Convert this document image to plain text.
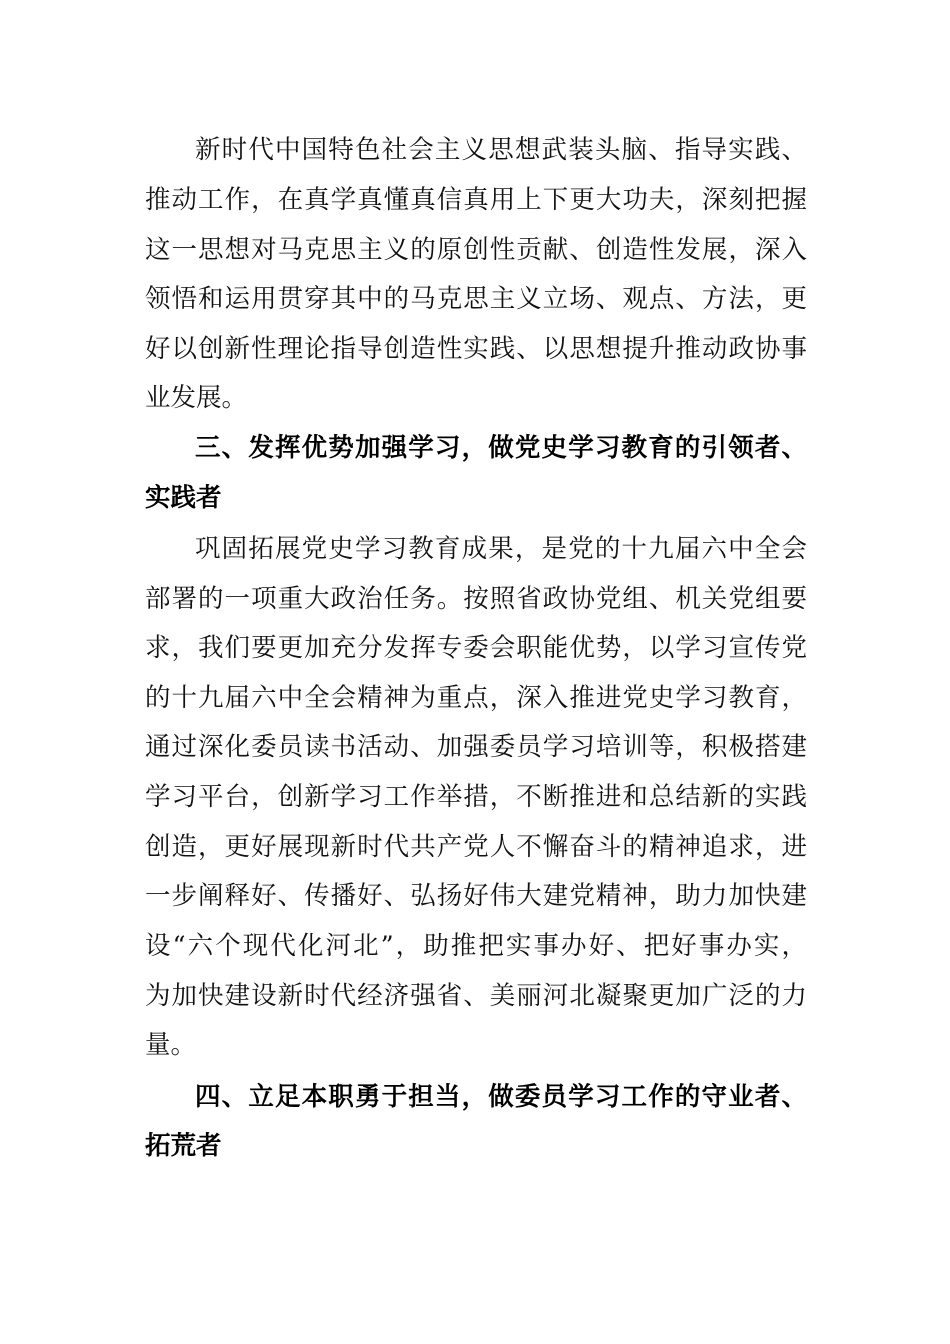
新时代中国特色社会主义思想武装头脑、指导实践、
推动工作，在真学真懂真信真用上下更大功夫，深刻把握
这一思想对马克思主义的原创性贡献、创造性发展，深入
领悟和运用贯穿其中的马克思主义立场、观点、方法，更
好以创新性理论指导创造性实践、以思想提升推动政协事
业发展。
三、发挥优势加强学习，做党史学习教育的引领者、
实践者
巩固拓展党史学习教育成果，是党的十九届六中全会
部署的一项重大政治任务。按照省政协党组、机关党组要
求，我们要更加充分发挥专委会职能优势，以学习宣传党
的十九届六中全会精神为重点，深入推进党史学习教育，
通过深化委员读书活动、加强委员学习培训等，积极搭建
学习平台，创新学习工作举措，不断推进和总结新的实践
创造，更好展现新时代共产党人不懈奋斗的精神追求，进
一步阐释好、传播好、弘扬好伟大建党精神，助力加快建
设“六个现代化河北”，助推把实事办好、把好事办实，
为加快建设新时代经济强省、美丽河北凝聚更加广泛的力
量。
四、立足本职勇于担当，做委员学习工作的守业者、
拓荒者
